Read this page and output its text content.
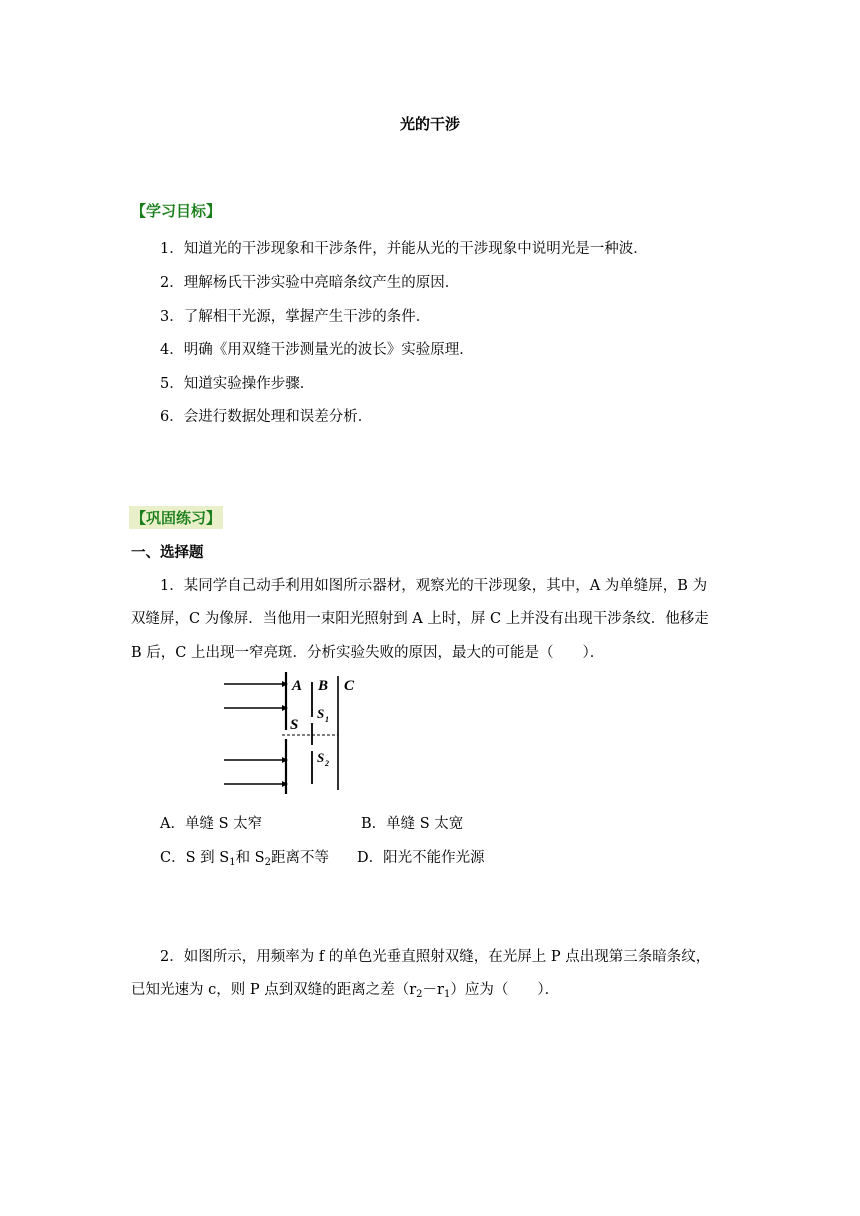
光的干涉
【学习目标】
1．知道光的干涉现象和干涉条件，并能从光的干涉现象中说明光是一种波．
2．理解杨氏干涉实验中亮暗条纹产生的原因．
3．了解相干光源，掌握产生干涉的条件．
4．明确《用双缝干涉测量光的波长》实验原理．
5．知道实验操作步骤．
6．会进行数据处理和误差分析．
【巩固练习】
一、选择题
1．某同学自己动手利用如图所示器材，观察光的干涉现象，其中，A 为单缝屏，B 为
双缝屏，C 为像屏．当他用一束阳光照射到 A 上时，屏 C 上并没有出现干涉条纹．他移走
B 后，C 上出现一窄亮斑．分析实验失败的原因，最大的可能是（　　）．
A B C
S
S 1
S 2
A．单缝 S 太窄	B．单缝 S 太宽
C．S 到 $S_1$和 $S_2$距离不等 D．阳光不能作光源
2．如图所示，用频率为 f 的单色光垂直照射双缝，在光屏上 P 点出现第三条暗条纹，
已知光速为 c，则 P 点到双缝的距离之差$(r_2-r_1)$应为（　　）．
